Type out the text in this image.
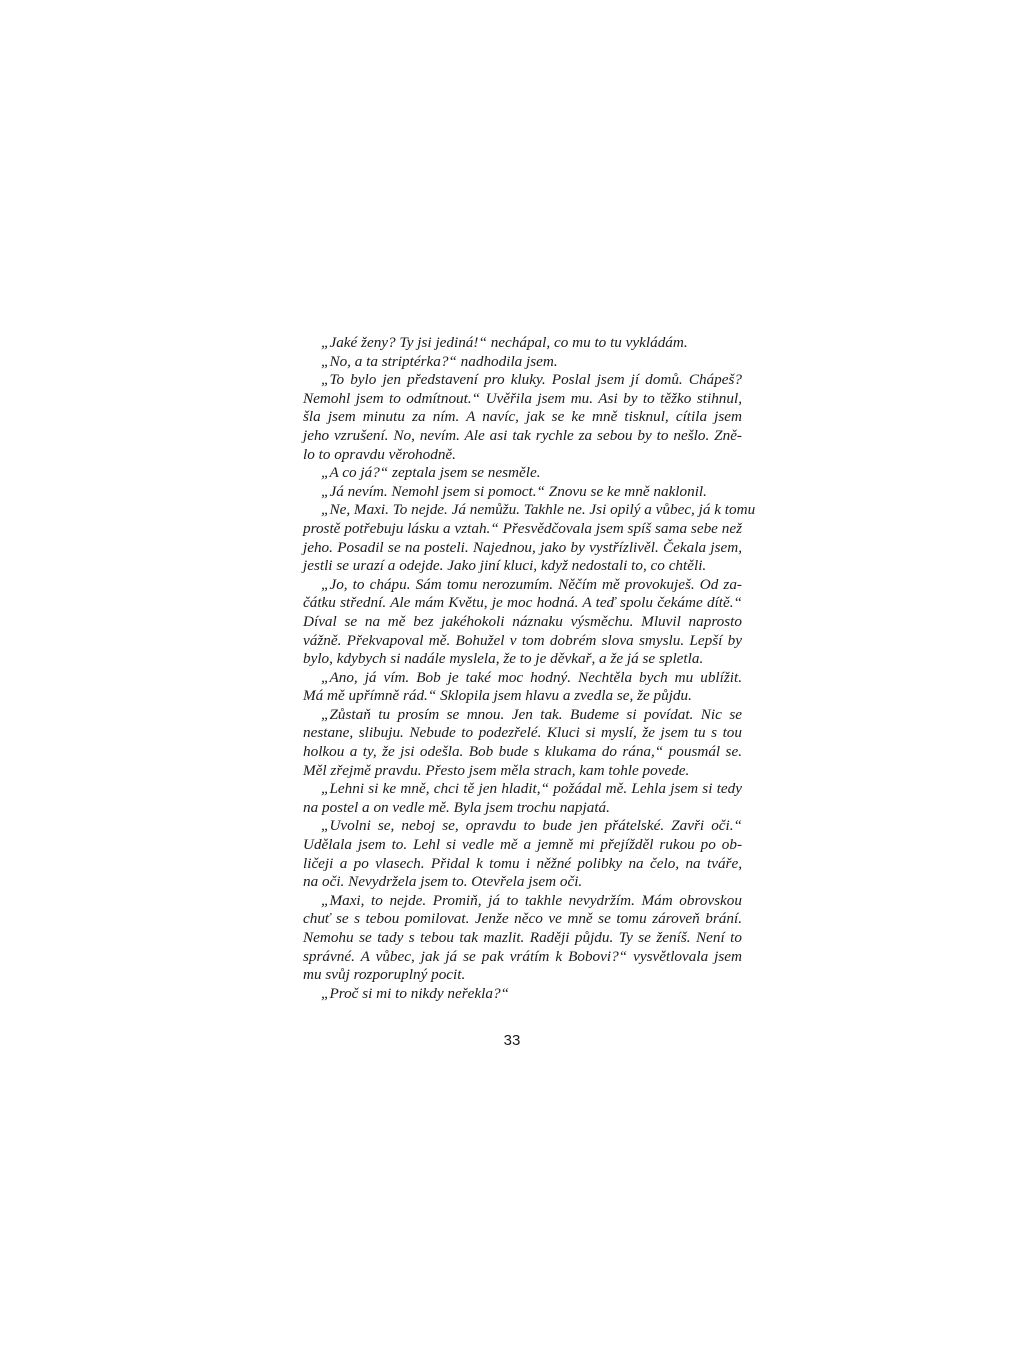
„Jaké ženy? Ty jsi jediná!“ nechápal, co mu to tu vykládám.
„No, a ta striptérka?“ nadhodila jsem.
„To bylo jen představení pro kluky. Poslal jsem jí domů. Chápeš?
Nemohl jsem to odmítnout.“ Uvěřila jsem mu. Asi by to těžko stihnul,
šla jsem minutu za ním. A navíc, jak se ke mně tisknul, cítila jsem
jeho vzrušení. No, nevím. Ale asi tak rychle za sebou by to nešlo. Zně-
lo to opravdu věrohodně.
„A co já?“ zeptala jsem se nesměle.
„Já nevím. Nemohl jsem si pomoct.“ Znovu se ke mně naklonil.
„Ne, Maxi. To nejde. Já nemůžu. Takhle ne. Jsi opilý a vůbec, já k tomu
prostě potřebuju lásku a vztah.“ Přesvědčovala jsem spíš sama sebe než
jeho. Posadil se na posteli. Najednou, jako by vystřízlivěl. Čekala jsem,
jestli se urazí a odejde. Jako jiní kluci, když nedostali to, co chtěli.
„Jo, to chápu. Sám tomu nerozumím. Něčím mě provokuješ. Od za-
čátku střední. Ale mám Květu, je moc hodná. A teď spolu čekáme dítě.“
Díval se na mě bez jakéhokoli náznaku výsměchu. Mluvil naprosto
vážně. Překvapoval mě. Bohužel v tom dobrém slova smyslu. Lepší by
bylo, kdybych si nadále myslela, že to je děvkař, a že já se spletla.
„Ano, já vím. Bob je také moc hodný. Nechtěla bych mu ublížit.
Má mě upřímně rád.“ Sklopila jsem hlavu a zvedla se, že půjdu.
„Zůstaň tu prosím se mnou. Jen tak. Budeme si povídat. Nic se
nestane, slibuju. Nebude to podezřelé. Kluci si myslí, že jsem tu s tou
holkou a ty, že jsi odešla. Bob bude s klukama do rána,“ pousmál se.
Měl zřejmě pravdu. Přesto jsem měla strach, kam tohle povede.
„Lehni si ke mně, chci tě jen hladit,“ požádal mě. Lehla jsem si tedy
na postel a on vedle mě. Byla jsem trochu napjatá.
„Uvolni se, neboj se, opravdu to bude jen přátelské. Zavři oči.“
Udělala jsem to. Lehl si vedle mě a jemně mi přejížděl rukou po ob-
ličeji a po vlasech. Přidal k tomu i něžné polibky na čelo, na tváře,
na oči. Nevydržela jsem to. Otevřela jsem oči.
„Maxi, to nejde. Promiň, já to takhle nevydržím. Mám obrovskou
chuť se s tebou pomilovat. Jenže něco ve mně se tomu zároveň brání.
Nemohu se tady s tebou tak mazlit. Raději půjdu. Ty se ženíš. Není to
správné. A vůbec, jak já se pak vrátím k Bobovi?“ vysvětlovala jsem
mu svůj rozporuplný pocit.
„Proč si mi to nikdy neřekla?“
33
